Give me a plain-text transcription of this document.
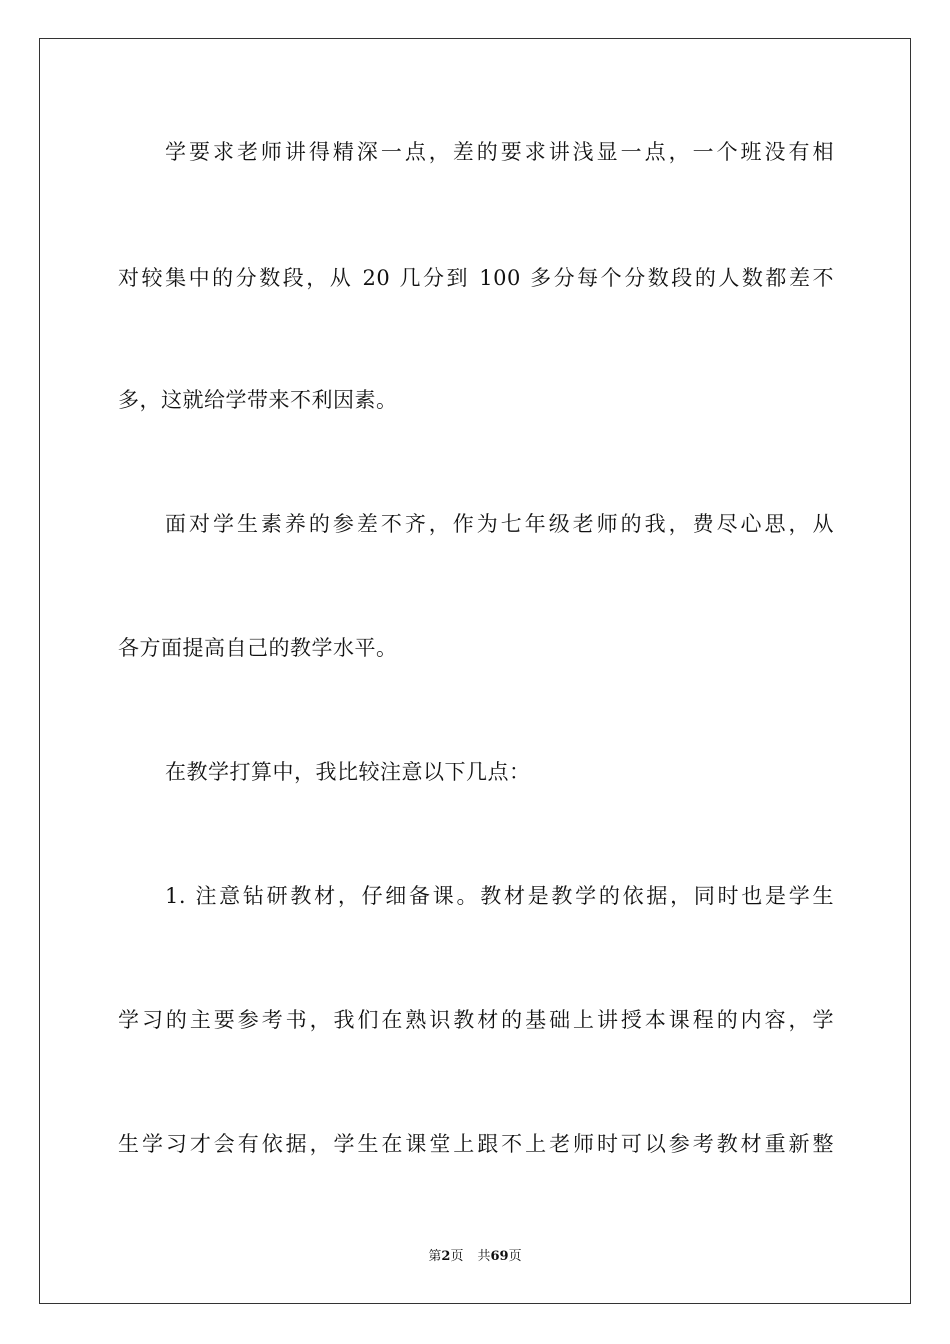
学要求老师讲得精深一点，差的要求讲浅显一点，一个班没有相
对较集中的分数段，从 20 几分到 100 多分每个分数段的人数都差不
多，这就给学带来不利因素。
面对学生素养的参差不齐，作为七年级老师的我，费尽心思，从
各方面提高自己的教学水平。
在教学打算中，我比较注意以下几点：
1. 注意钻研教材，仔细备课。教材是教学的依据，同时也是学生
学习的主要参考书，我们在熟识教材的基础上讲授本课程的内容，学
生学习才会有依据，学生在课堂上跟不上老师时可以参考教材重新整
第2页 共69页
